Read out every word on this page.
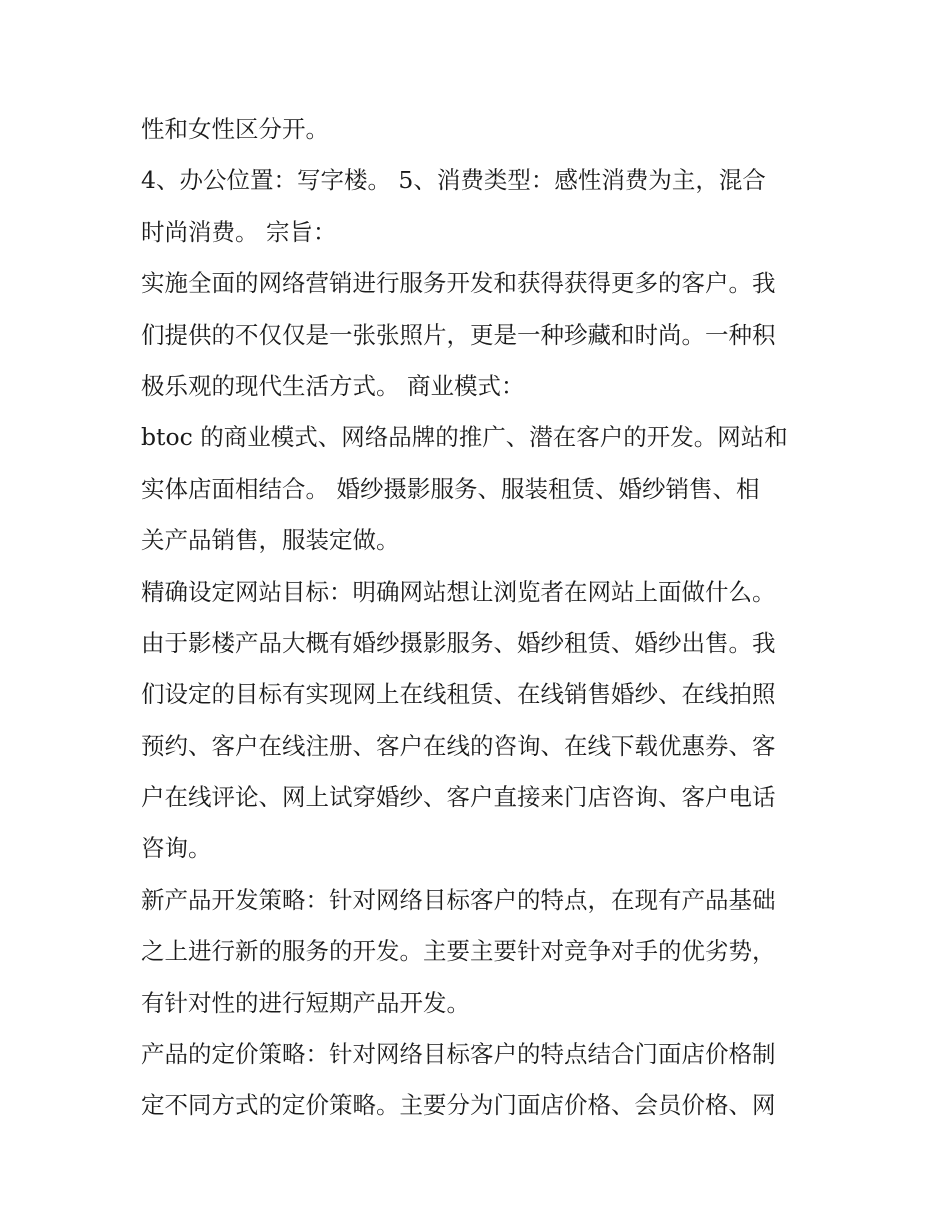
性和女性区分开。
4、办公位置：写字楼。 5、消费类型：感性消费为主，混合
时尚消费。 宗旨：
实施全面的网络营销进行服务开发和获得获得更多的客户。我
们提供的不仅仅是一张张照片，更是一种珍藏和时尚。一种积
极乐观的现代生活方式。 商业模式：
btoc 的商业模式、网络品牌的推广、潜在客户的开发。网站和
实体店面相结合。 婚纱摄影服务、服装租赁、婚纱销售、相
关产品销售，服装定做。
精确设定网站目标：明确网站想让浏览者在网站上面做什么。
由于影楼产品大概有婚纱摄影服务、婚纱租赁、婚纱出售。我
们设定的目标有实现网上在线租赁、在线销售婚纱、在线拍照
预约、客户在线注册、客户在线的咨询、在线下载优惠券、客
户在线评论、网上试穿婚纱、客户直接来门店咨询、客户电话
咨询。
新产品开发策略：针对网络目标客户的特点，在现有产品基础
之上进行新的服务的开发。主要主要针对竞争对手的优劣势，
有针对性的进行短期产品开发。
产品的定价策略：针对网络目标客户的特点结合门面店价格制
定不同方式的定价策略。主要分为门面店价格、会员价格、网
